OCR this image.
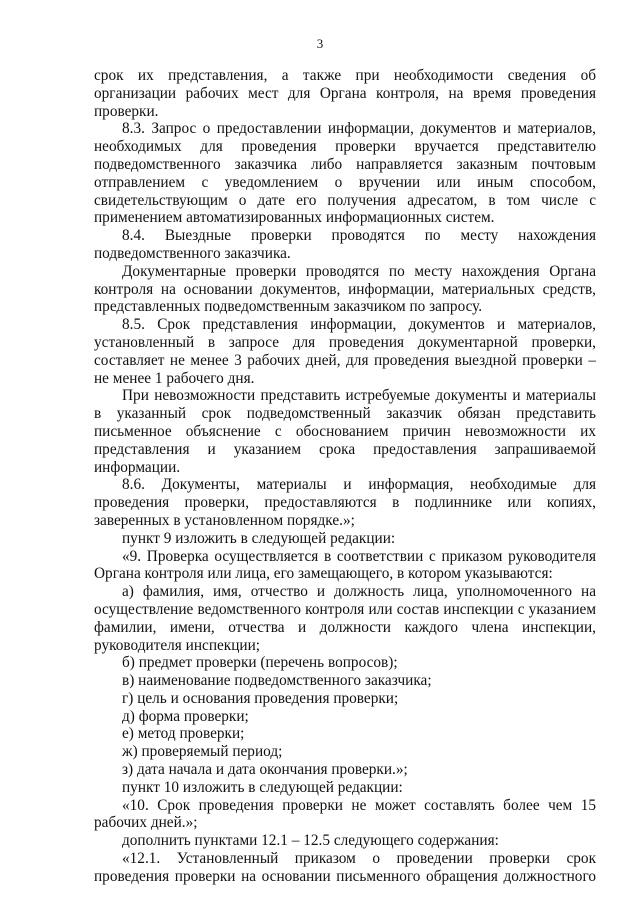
3

срок их представления, а также при необходимости сведения об организации рабочих мест для Органа контроля, на время проведения проверки.

8.3. Запрос о предоставлении информации, документов и материалов, необходимых для проведения проверки вручается представителю подведомственного заказчика либо направляется заказным почтовым отправлением с уведомлением о вручении или иным способом, свидетельствующим о дате его получения адресатом, в том числе с применением автоматизированных информационных систем.

8.4. Выездные проверки проводятся по месту нахождения подведомственного заказчика.

Документарные проверки проводятся по месту нахождения Органа контроля на основании документов, информации, материальных средств, представленных подведомственным заказчиком по запросу.

8.5. Срок представления информации, документов и материалов, установленный в запросе для проведения документарной проверки, составляет не менее 3 рабочих дней, для проведения выездной проверки – не менее 1 рабочего дня.

При невозможности представить истребуемые документы и материалы в указанный срок подведомственный заказчик обязан представить письменное объяснение с обоснованием причин невозможности их представления и указанием срока предоставления запрашиваемой информации.

8.6. Документы, материалы и информация, необходимые для проведения проверки, предоставляются в подлиннике или копиях, заверенных в установленном порядке.»;

пункт 9 изложить в следующей редакции:

«9. Проверка осуществляется в соответствии с приказом руководителя Органа контроля или лица, его замещающего, в котором указываются:

а) фамилия, имя, отчество и должность лица, уполномоченного на осуществление ведомственного контроля или состав инспекции с указанием фамилии, имени, отчества и должности каждого члена инспекции, руководителя инспекции;

б) предмет проверки (перечень вопросов);

в) наименование подведомственного заказчика;

г) цель и основания проведения проверки;

д) форма проверки;

е) метод проверки;

ж) проверяемый период;

з) дата начала и дата окончания проверки.»;

пункт 10 изложить в следующей редакции:

«10. Срок проведения проверки не может составлять более чем 15 рабочих дней.»;

дополнить пунктами 12.1 – 12.5 следующего содержания:

«12.1. Установленный приказом о проведении проверки срок проведения проверки на основании письменного обращения должностного
